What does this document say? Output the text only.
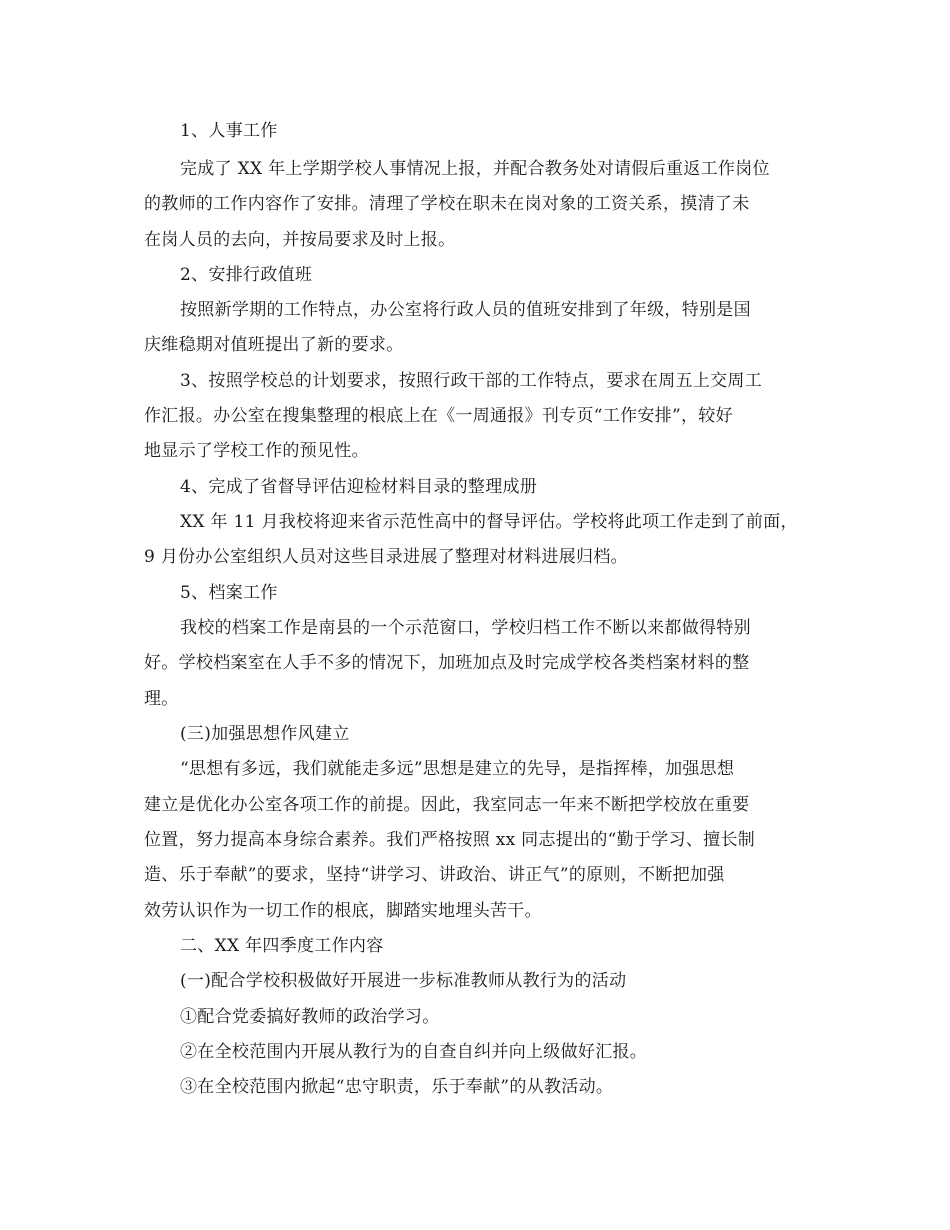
1、人事工作
完成了 XX 年上学期学校人事情况上报，并配合教务处对请假后重返工作岗位
的教师的工作内容作了安排。清理了学校在职未在岗对象的工资关系，摸清了未
在岗人员的去向，并按局要求及时上报。
2、安排行政值班
按照新学期的工作特点，办公室将行政人员的值班安排到了年级，特别是国
庆维稳期对值班提出了新的要求。
3、按照学校总的计划要求，按照行政干部的工作特点，要求在周五上交周工
作汇报。办公室在搜集整理的根底上在《一周通报》刊专页“工作安排”，较好
地显示了学校工作的预见性。
4、完成了省督导评估迎检材料目录的整理成册
XX 年 11 月我校将迎来省示范性高中的督导评估。学校将此项工作走到了前面，
9 月份办公室组织人员对这些目录进展了整理对材料进展归档。
5、档案工作
我校的档案工作是南县的一个示范窗口，学校归档工作不断以来都做得特别
好。学校档案室在人手不多的情况下，加班加点及时完成学校各类档案材料的整
理。
(三)加强思想作风建立
“思想有多远，我们就能走多远”思想是建立的先导，是指挥棒，加强思想
建立是优化办公室各项工作的前提。因此，我室同志一年来不断把学校放在重要
位置，努力提高本身综合素养。我们严格按照 xx 同志提出的“勤于学习、擅长制
造、乐于奉献”的要求，坚持“讲学习、讲政治、讲正气”的原则，不断把加强
效劳认识作为一切工作的根底，脚踏实地埋头苦干。
二、XX 年四季度工作内容
(一)配合学校积极做好开展进一步标准教师从教行为的活动
①配合党委搞好教师的政治学习。
②在全校范围内开展从教行为的自查自纠并向上级做好汇报。
③在全校范围内掀起“忠守职责，乐于奉献”的从教活动。
